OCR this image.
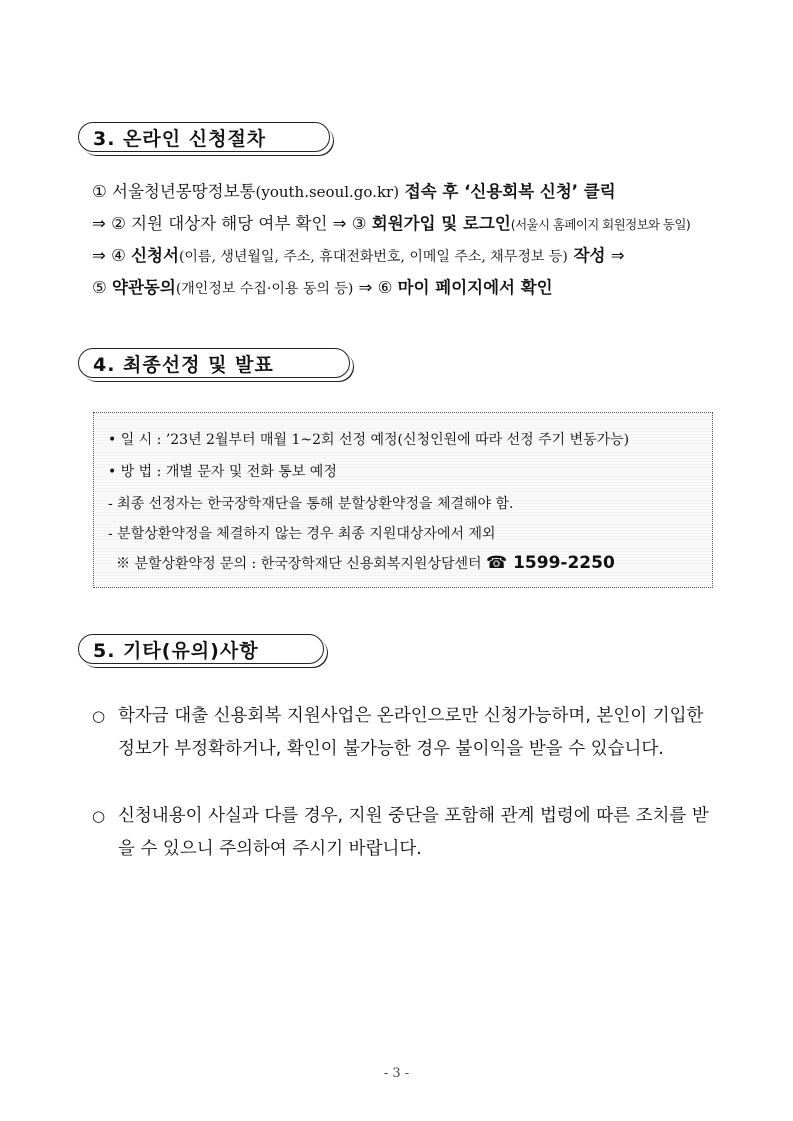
3. 온라인 신청절차
① 서울청년몽땅정보통(youth.seoul.go.kr) 접속 후 ‘신용회복 신청’ 클릭
⇒ ② 지원 대상자 해당 여부 확인 ⇒ ③ 회원가입 및 로그인(서울시 홈페이지 회원정보와 동일)
⇒ ④ 신청서(이름, 생년월일, 주소, 휴대전화번호, 이메일 주소, 채무정보 등) 작성 ⇒
⑤ 약관동의(개인정보 수집·이용 동의 등) ⇒ ⑥ 마이 페이지에서 확인
4. 최종선정 및 발표
• 일 시 : ’23년 2월부터 매월 1~2회 선정 예정(신청인원에 따라 선정 주기 변동가능)
• 방 법 : 개별 문자 및 전화 통보 예정
- 최종 선정자는 한국장학재단을 통해 분할상환약정을 체결해야 함.
- 분할상환약정을 체결하지 않는 경우 최종 지원대상자에서 제외
※ 분할상환약정 문의 : 한국장학재단 신용회복지원상담센터 ☎ 1599-2250
5. 기타(유의)사항
○ 학자금 대출 신용회복 지원사업은 온라인으로만 신청가능하며, 본인이 기입한 정보가 부정확하거나, 확인이 불가능한 경우 불이익을 받을 수 있습니다.
○ 신청내용이 사실과 다를 경우, 지원 중단을 포함해 관계 법령에 따른 조치를 받을 수 있으니 주의하여 주시기 바랍니다.
- 3 -
